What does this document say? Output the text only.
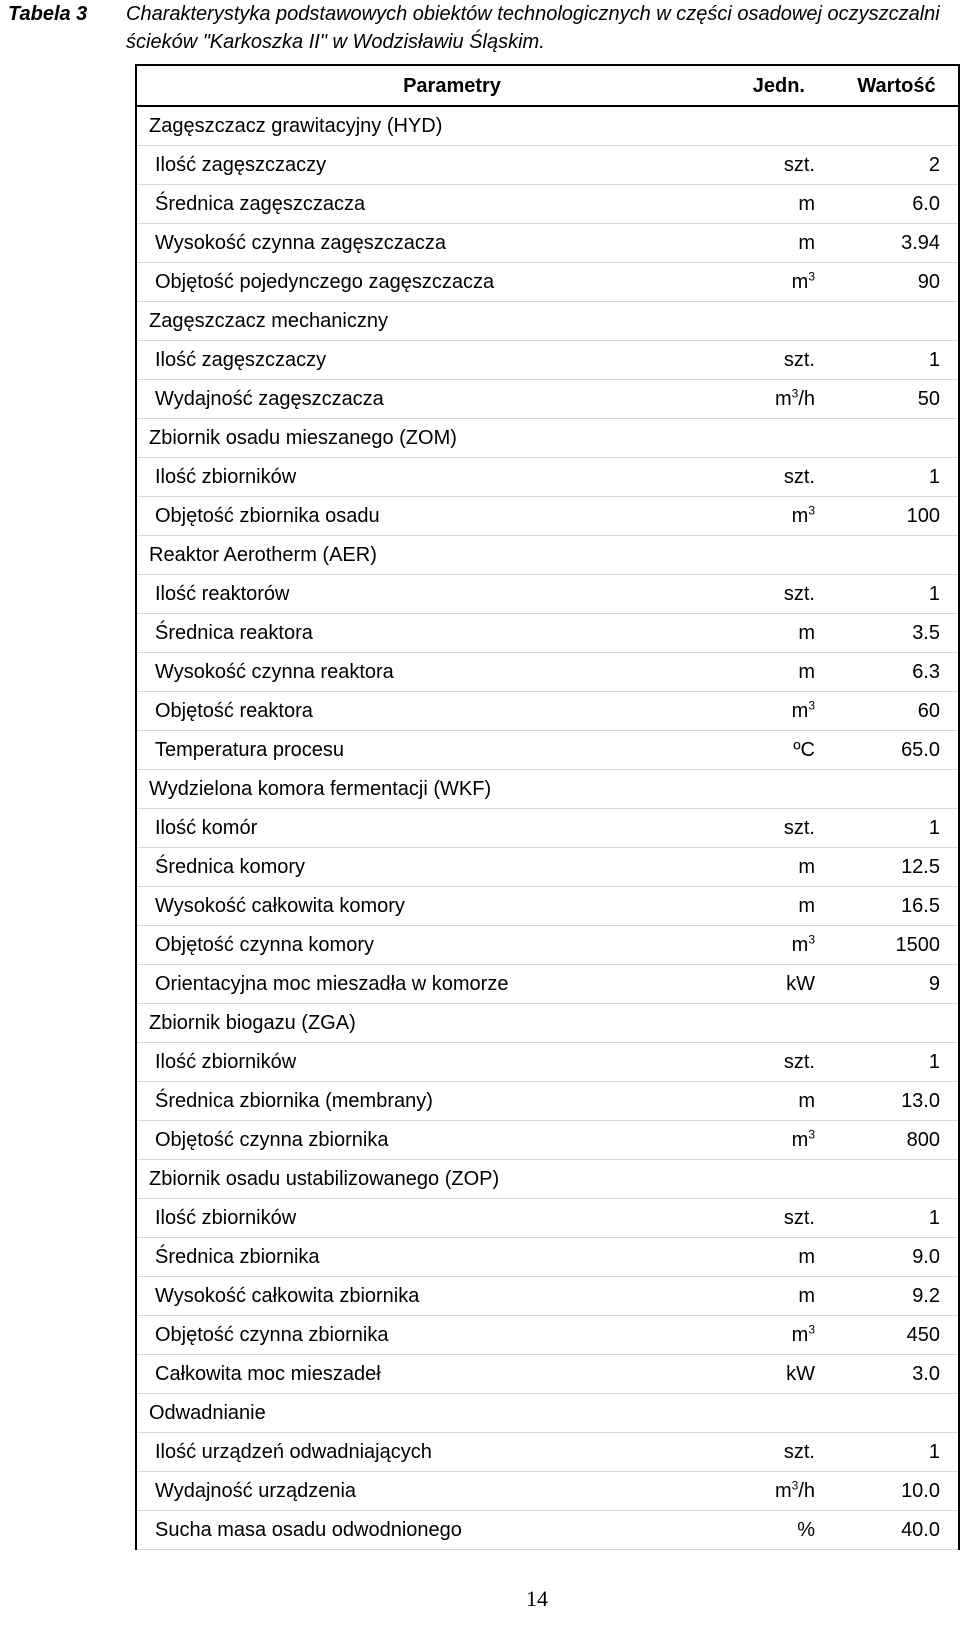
Tabela 3 Charakterystyka podstawowych obiektów technologicznych w części osadowej oczyszczalni ścieków "Karkoszka II" w Wodzisławiu Śląskim.
Parametry	Jedn.	Wartość
Zagęszczacz grawitacyjny (HYD)		
Ilość zagęszczaczy	szt.	2
Średnica zagęszczacza	m	6.0
Wysokość czynna zagęszczacza	m	3.94
Objętość pojedynczego zagęszczacza	$m^3$	90
Zagęszczacz mechaniczny		
Ilość zagęszczaczy	szt.	1
Wydajność zagęszczacza	$m^3/h$	50
Zbiornik osadu mieszanego (ZOM)		
Ilość zbiorników	szt.	1
Objętość zbiornika osadu	$m^3$	100
Reaktor Aerotherm (AER)		
Ilość reaktorów	szt.	1
Średnica reaktora	m	3.5
Wysokość czynna reaktora	m	6.3
Objętość reaktora	$m^3$	60
Temperatura procesu	ºC	65.0
Wydzielona komora fermentacji (WKF)		
Ilość komór	szt.	1
Średnica komory	m	12.5
Wysokość całkowita komory	m	16.5
Objętość czynna komory	$m^3$	1500
Orientacyjna moc mieszadła w komorze	kW	9
Zbiornik biogazu (ZGA)		
Ilość zbiorników	szt.	1
Średnica zbiornika (membrany)	m	13.0
Objętość czynna zbiornika	$m^3$	800
Zbiornik osadu ustabilizowanego (ZOP)		
Ilość zbiorników	szt.	1
Średnica zbiornika	m	9.0
Wysokość całkowita zbiornika	m	9.2
Objętość czynna zbiornika	$m^3$	450
Całkowita moc mieszadeł	kW	3.0
Odwadnianie		
Ilość urządzeń odwadniających	szt.	1
Wydajność urządzenia	$m^3/h$	10.0
Sucha masa osadu odwodnionego	%	40.0
14
